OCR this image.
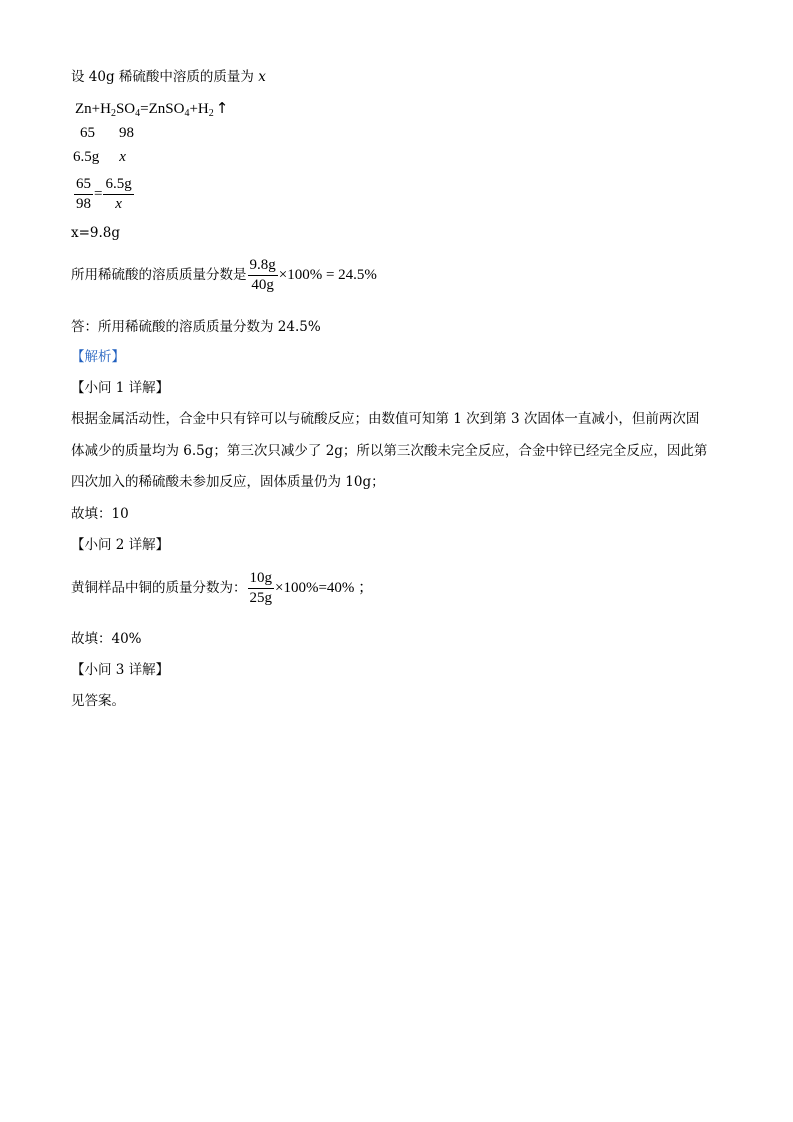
设 40g 稀硫酸中溶质的质量为 x
$Zn+H_2SO_4=ZnSO_4+H_2$ ↑
65 98
6.5g x
$\frac{65}{98} = \frac{6.5g}{x}$
x=9.8g
所用稀硫酸的溶质质量分数是 $\frac{9.8g}{40g} \times 100\% = 24.5\%$
答：所用稀硫酸的溶质质量分数为 24.5%
【解析】
【小问 1 详解】
根据金属活动性，合金中只有锌可以与硫酸反应；由数值可知第 1 次到第 3 次固体一直减小，但前两次固
体减少的质量均为 6.5g；第三次只减少了 2g；所以第三次酸未完全反应，合金中锌已经完全反应，因此第
四次加入的稀硫酸未参加反应，固体质量仍为 10g；
故填：10
【小问 2 详解】
黄铜样品中铜的质量分数为： $\frac{10g}{25g} \times 100\%=40\%$ ；
故填：40%
【小问 3 详解】
见答案。
